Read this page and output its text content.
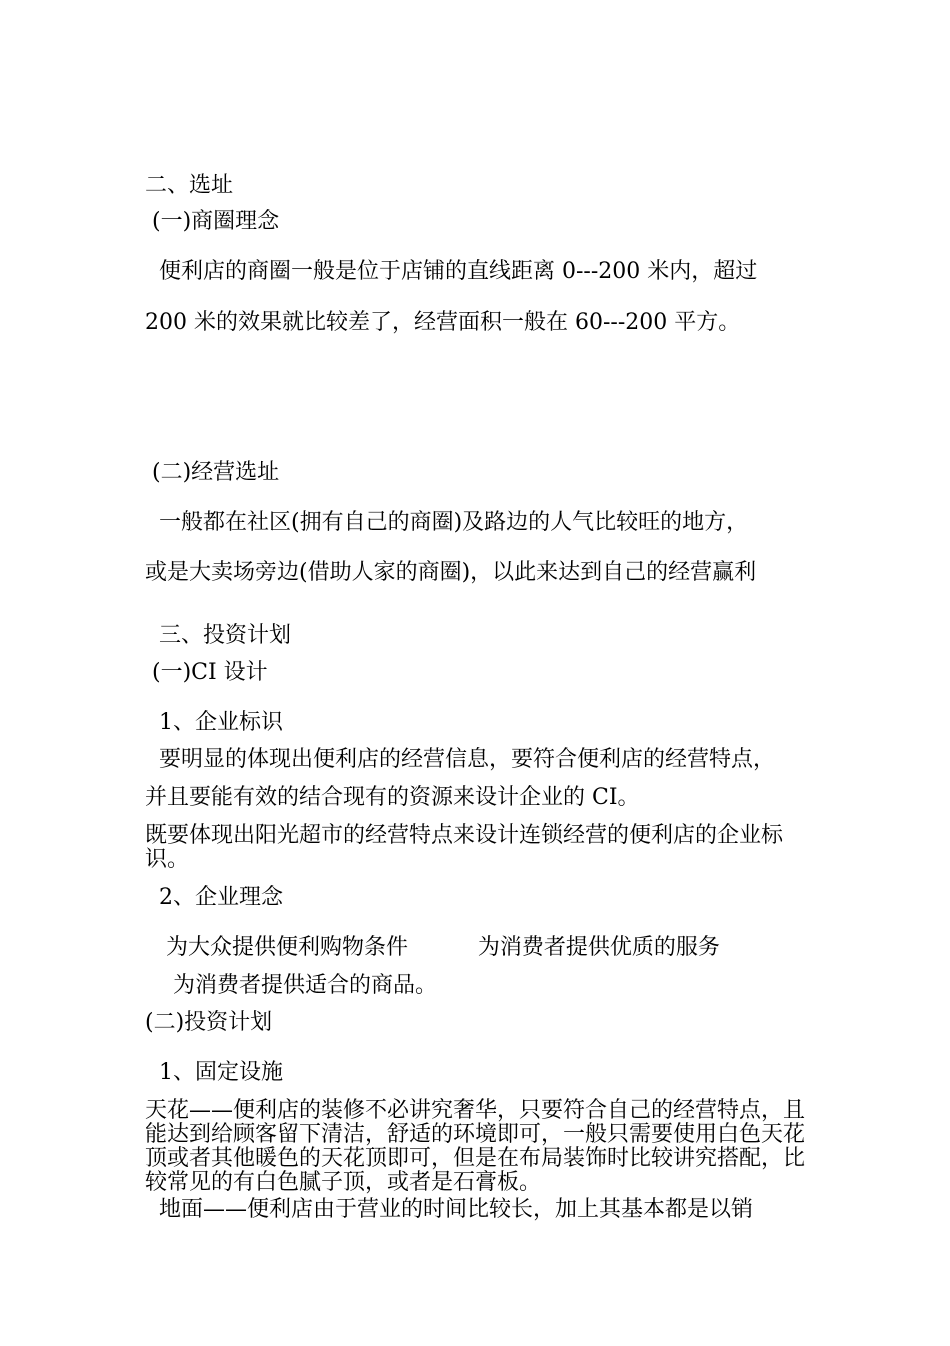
二、选址

(一)商圈理念

便利店的商圈一般是位于店铺的直线距离 0---200 米内，超过

200 米的效果就比较差了，经营面积一般在 60---200 平方。

(二)经营选址

一般都在社区(拥有自己的商圈)及路边的人气比较旺的地方，

或是大卖场旁边(借助人家的商圈)，以此来达到自己的经营赢利

三、投资计划

(一)CI 设计

1、企业标识

要明显的体现出便利店的经营信息，要符合便利店的经营特点，

并且要能有效的结合现有的资源来设计企业的 CI。

既要体现出阳光超市的经营特点来设计连锁经营的便利店的企业标识。

2、企业理念

为大众提供便利购物条件          为消费者提供优质的服务

为消费者提供适合的商品。

(二)投资计划

1、固定设施

天花——便利店的装修不必讲究奢华，只要符合自己的经营特点，且能达到给顾客留下清洁，舒适的环境即可，一般只需要使用白色天花顶或者其他暖色的天花顶即可，但是在布局装饰时比较讲究搭配，比较常见的有白色腻子顶，或者是石膏板。

地面——便利店由于营业的时间比较长，加上其基本都是以销
